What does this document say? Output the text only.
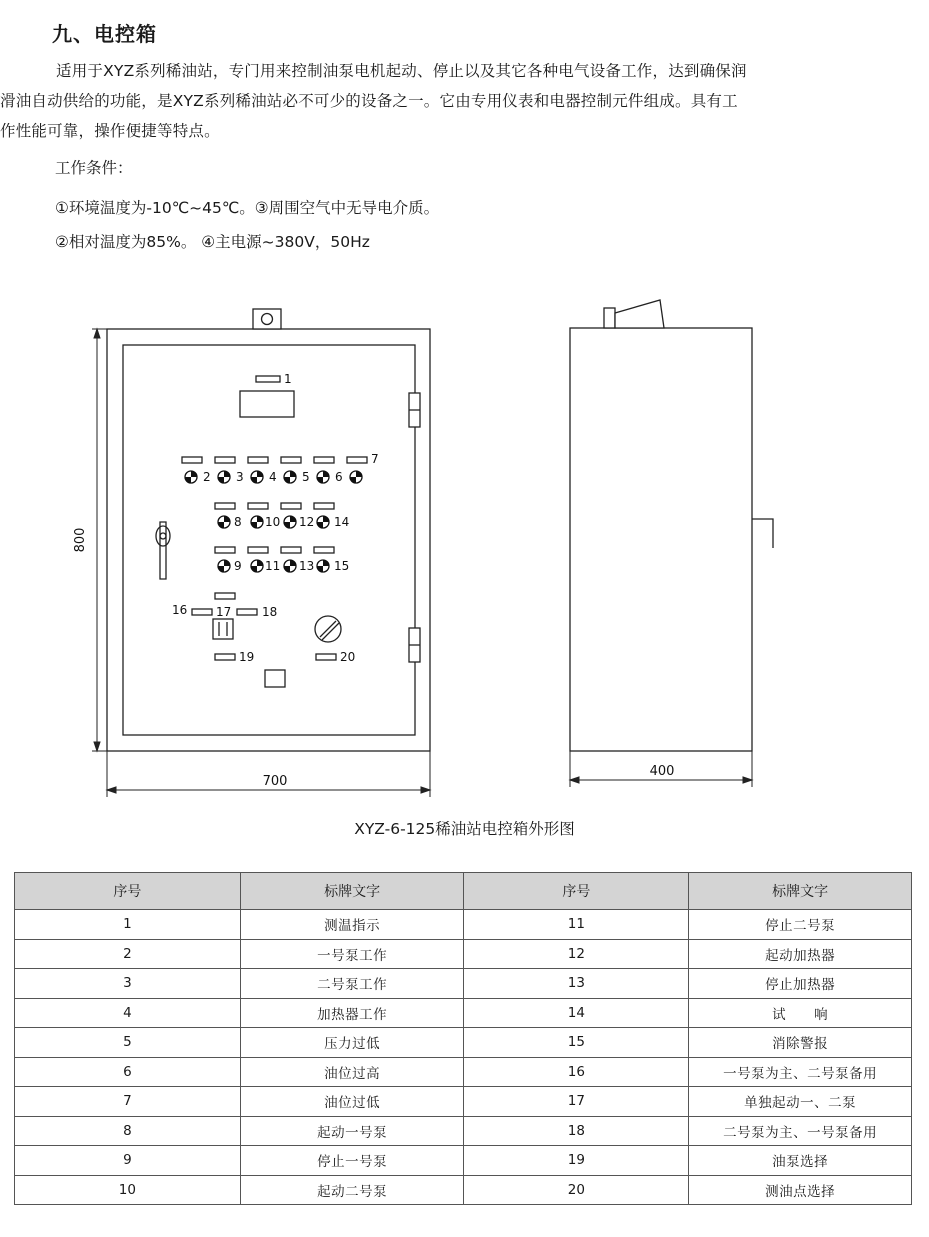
九、电控箱
适用于XYZ系列稀油站，专门用来控制油泵电机起动、停止以及其它各种电气设备工作，达到确保润
滑油自动供给的功能，是XYZ系列稀油站必不可少的设备之一。它由专用仪表和电器控制元件组成。具有工
作性能可靠，操作便捷等特点。
工作条件：
①环境温度为-10℃~45℃。③周围空气中无导电介质。
②相对温度为85%。 ④主电源~380V，50Hz
1
2 3 4 5 6
7
8
9
10
11
12
13
14
15
16 17	18
19	20
800
700
400
XYZ-6-125稀油站电控箱外形图
序号	标牌文字	序号	标牌文字
1	测温指示	11	停止二号泵
2	一号泵工作	12	起动加热器
3	二号泵工作	13	停止加热器
4	加热器工作	14	试　　响
5	压力过低	15	消除警报
6	油位过高	16	一号泵为主、二号泵备用
7	油位过低	17	单独起动一、二泵
8	起动一号泵	18	二号泵为主、一号泵备用
9	停止一号泵	19	油泵选择
10	起动二号泵	20	测油点选择
